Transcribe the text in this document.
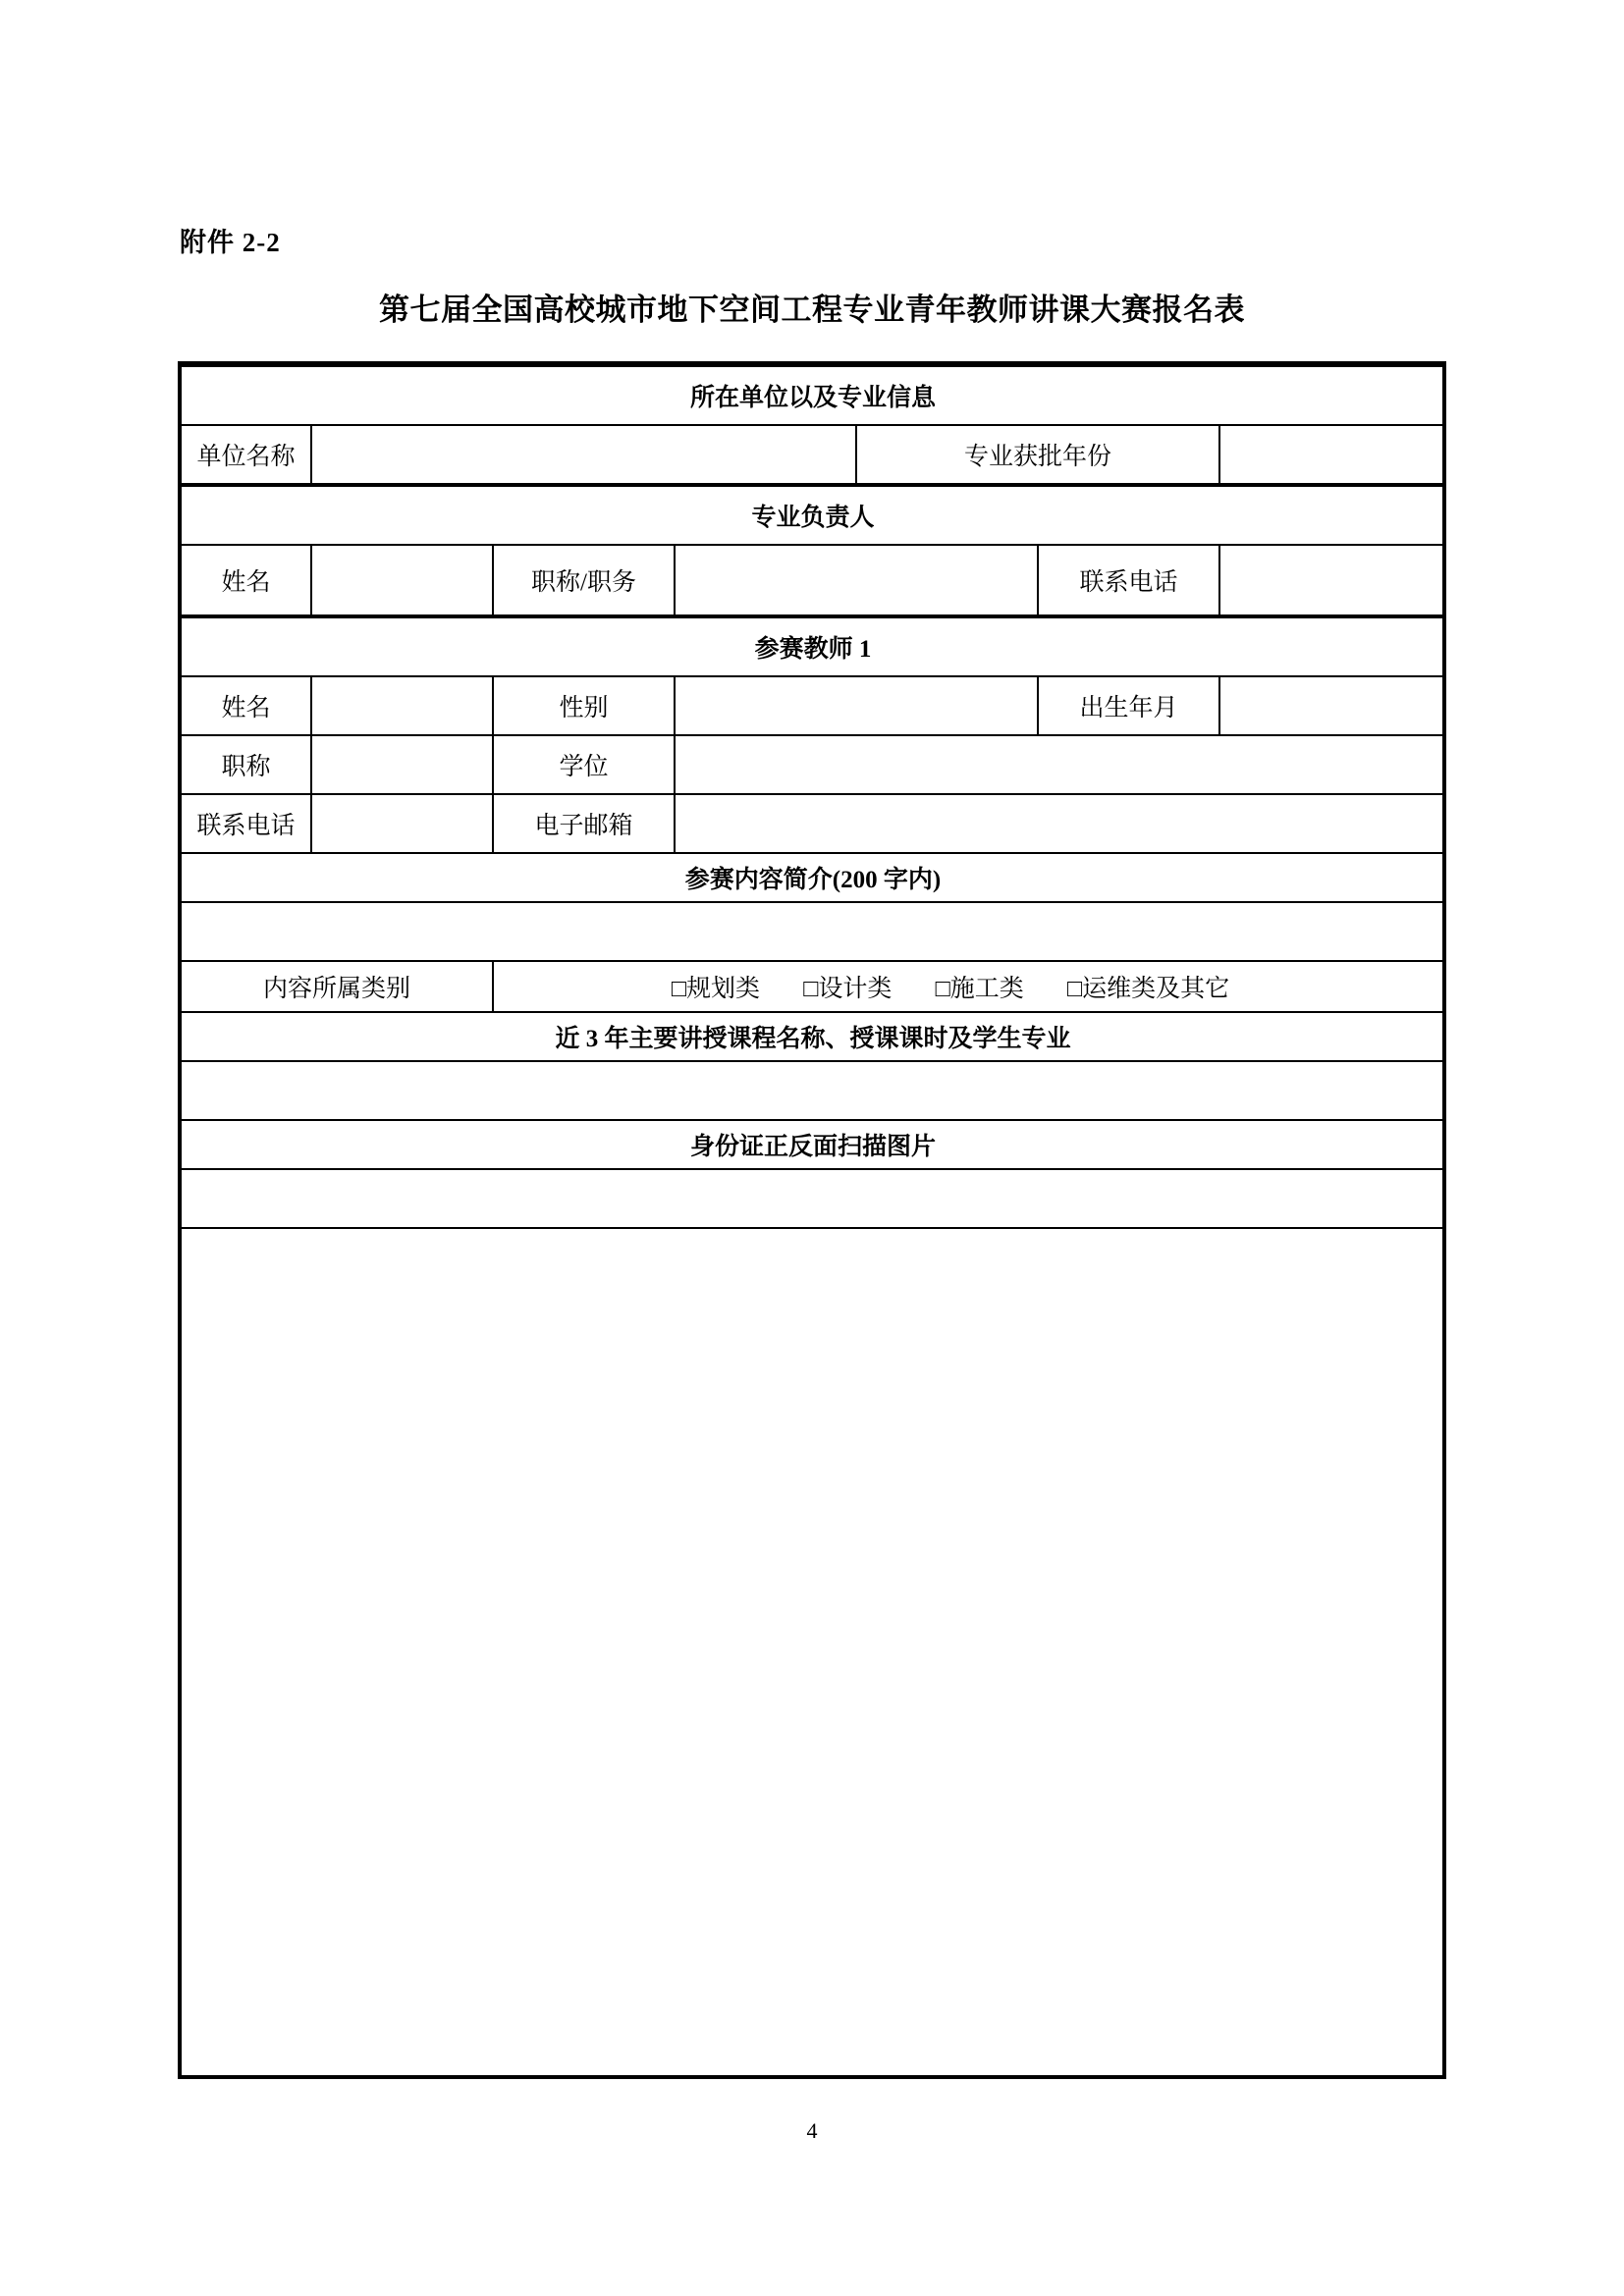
附件 2-2
第七届全国高校城市地下空间工程专业青年教师讲课大赛报名表
所在单位以及专业信息						
单位名称				专业获批年份		
专业负责人						
姓名		职称/职务			联系电话	
参赛教师 1						
姓名		性别			出生年月	
职称		学位				
联系电话		电子邮箱				
参赛内容简介(200 字内)						

内容所属类别		□规划类 □设计类 □施工类 □运维类及其它				
近 3 年主要讲授课程名称、授课课时及学生专业						

身份证正反面扫描图片						

4
